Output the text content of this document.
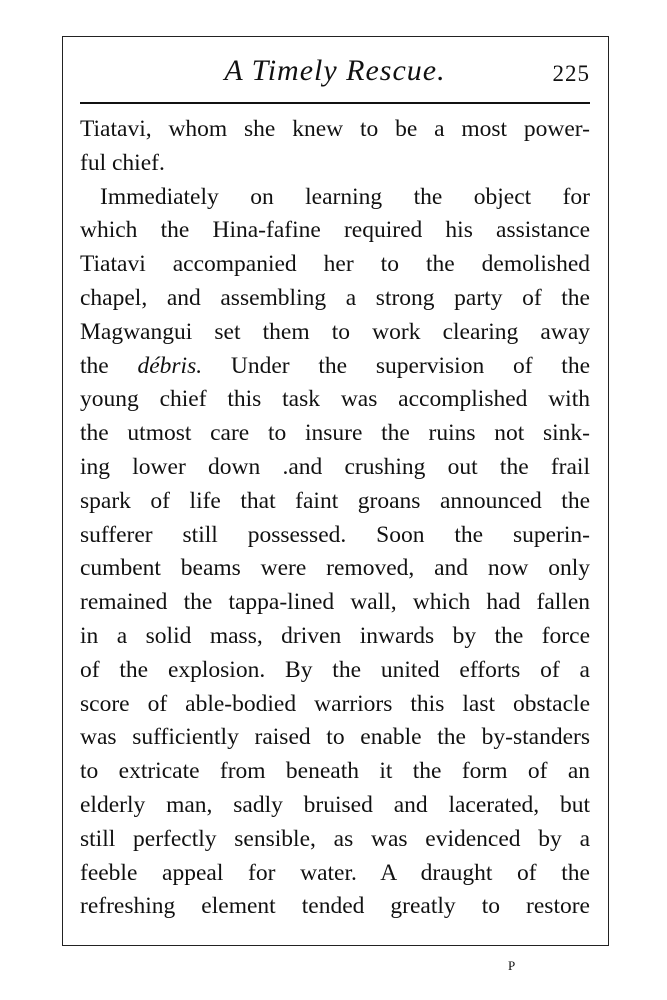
A Timely Rescue.	225
Tiatavi, whom she knew to be a most power-
ful chief.
Immediately on learning the object for
which the Hina-fafine required his assistance
Tiatavi accompanied her to the demolished
chapel, and assembling a strong party of the
Magwangui set them to work clearing away
the débris. Under the supervision of the
young chief this task was accomplished with
the utmost care to insure the ruins not sink-
ing lower down .and crushing out the frail
spark of life that faint groans announced the
sufferer still possessed. Soon the superin-
cumbent beams were removed, and now only
remained the tappa-lined wall, which had fallen
in a solid mass, driven inwards by the force
of the explosion. By the united efforts of a
score of able-bodied warriors this last obstacle
was sufficiently raised to enable the by-standers
to extricate from beneath it the form of an
elderly man, sadly bruised and lacerated, but
still perfectly sensible, as was evidenced by a
feeble appeal for water. A draught of the
refreshing element tended greatly to restore
P
